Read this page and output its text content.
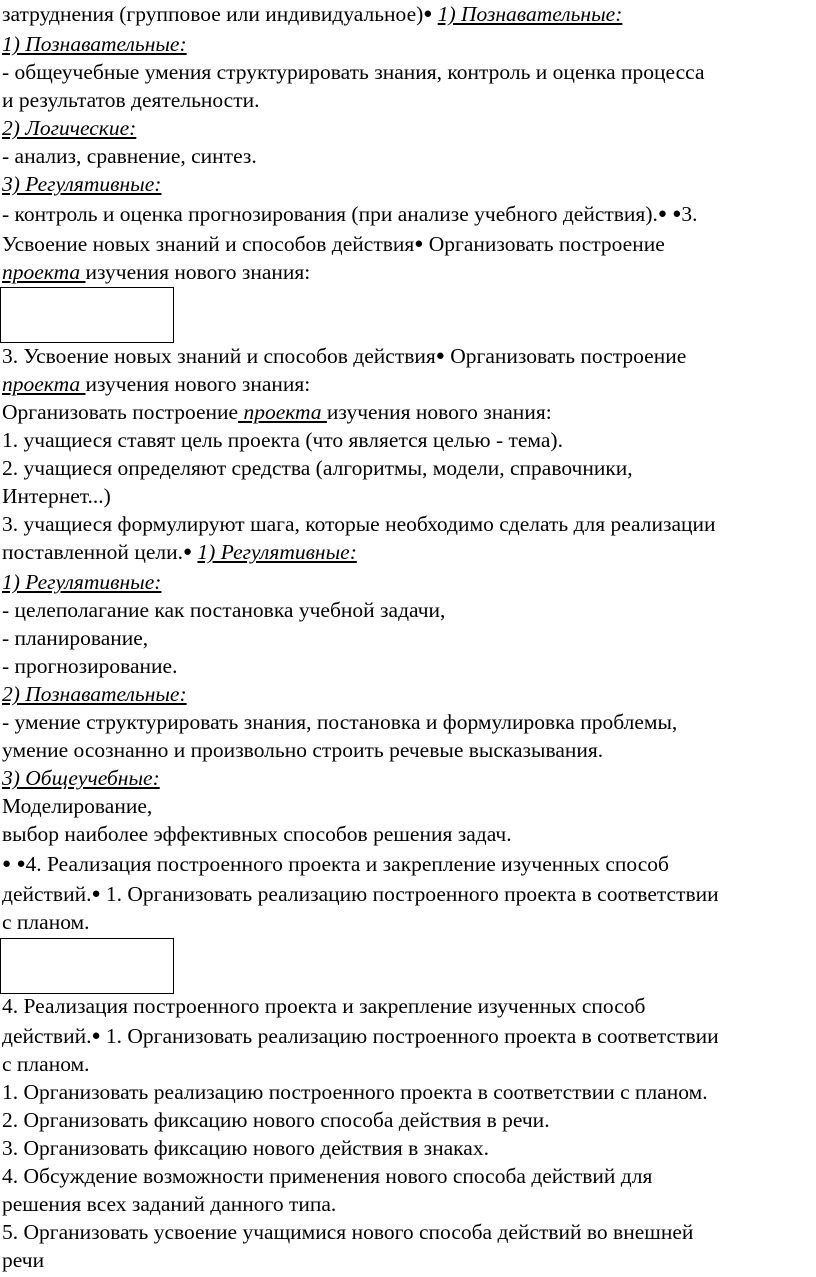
затруднения (групповое или индивидуальное)● 1) Познавательные:
1) Познавательные:
- общеучебные умения структурировать знания, контроль и оценка процесса
и результатов деятельности.
2) Логические:
- анализ, сравнение, синтез.
3) Регулятивные:
- контроль и оценка прогнозирования (при анализе учебного действия).● ●3.
Усвоение новых знаний и способов действия● Организовать построение
проекта изучения нового знания:
3. Усвоение новых знаний и способов действия● Организовать построение
проекта изучения нового знания:
Организовать построение проекта изучения нового знания:
1. учащиеся ставят цель проекта (что является целью - тема).
2. учащиеся определяют средства (алгоритмы, модели, справочники,
Интернет...)
3. учащиеся формулируют шага, которые необходимо сделать для реализации
поставленной цели.● 1) Регулятивные:
1) Регулятивные:
- целеполагание как постановка учебной задачи,
- планирование,
- прогнозирование.
2) Познавательные:
- умение структурировать знания, постановка и формулировка проблемы,
умение осознанно и произвольно строить речевые высказывания.
3) Общеучебные:
Моделирование,
выбор наиболее эффективных способов решения задач.
● ●4. Реализация построенного проекта и закрепление изученных способ
действий.● 1. Организовать реализацию построенного проекта в соответствии
с планом.
4. Реализация построенного проекта и закрепление изученных способ
действий.● 1. Организовать реализацию построенного проекта в соответствии
с планом.
1. Организовать реализацию построенного проекта в соответствии с планом.
2. Организовать фиксацию нового способа действия в речи.
3. Организовать фиксацию нового действия в знаках.
4. Обсуждение возможности применения нового способа действий для
решения всех заданий данного типа.
5. Организовать усвоение учащимися нового способа действий во внешней
речи
